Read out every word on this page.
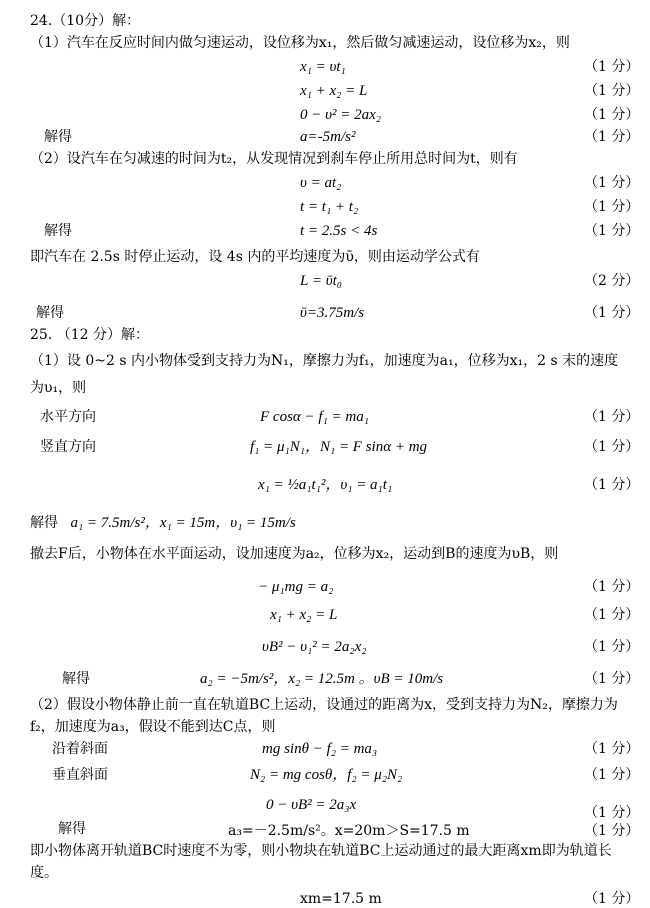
24.（10分）解：
（1）汽车在反应时间内做匀速运动，设位移为x₁，然后做匀减速运动，设位移为x₂，则
x₁ = υt₁	（1 分）
x₁ + x₂ = L	（1 分）
0 − υ² = 2ax₂	（1 分）
解得	a=-5m/s²	（1 分）
（2）设汽车在匀减速的时间为t₂，从发现情况到刹车停止所用总时间为t，则有
υ = at₂	（1 分）
t = t₁ + t₂	（1 分）
解得	t = 2.5s < 4s	（1 分）
即汽车在 2.5s 时停止运动，设 4s 内的平均速度为ῡ，则由运动学公式有
L = ῡt₀	（2 分）
解得	ῡ=3.75m/s	（1 分）
25. （12 分）解：
（1）设 0~2 s 内小物体受到支持力为N₁，摩擦力为f₁，加速度为a₁，位移为x₁，2 s 末的速度为υ₁，则
水平方向	F cosα − f₁ = ma₁	（1 分）
竖直方向	f₁ = μ₁N₁，N₁ = F sinα + mg	（1 分）
x₁ = ½a₁t₁²，υ₁ = a₁t₁	（1 分）
解得 a₁ = 7.5m/s²，x₁ = 15m，υ₁ = 15m/s
撤去F后，小物体在水平面运动，设加速度为a₂，位移为x₂，运动到B的速度为υB，则
− μ₁mg = a₂	（1 分）
x₁ + x₂ = L	（1 分）
υB² − υ₁² = 2a₂x₂	（1 分）
解得	a₂ = −5m/s²，x₂ = 12.5m 。υB = 10m/s	（1 分）
（2）假设小物体静止前一直在轨道BC上运动，设通过的距离为x，受到支持力为N₂，摩擦力为f₂，加速度为a₃，假设不能到达C点，则
沿着斜面	mg sinθ − f₂ = ma₃	（1 分）
垂直斜面	N₂ = mg cosθ，f₂ = μ₂N₂	（1 分）
0 − υB² = 2a₃x	（1 分）
解得	a₃=－2.5m/s²。x=20m＞S=17.5 m	（1 分）
即小物体离开轨道BC时速度不为零，则小物块在轨道BC上运动通过的最大距离xm即为轨道长度。
xm=17.5 m	（1 分）
